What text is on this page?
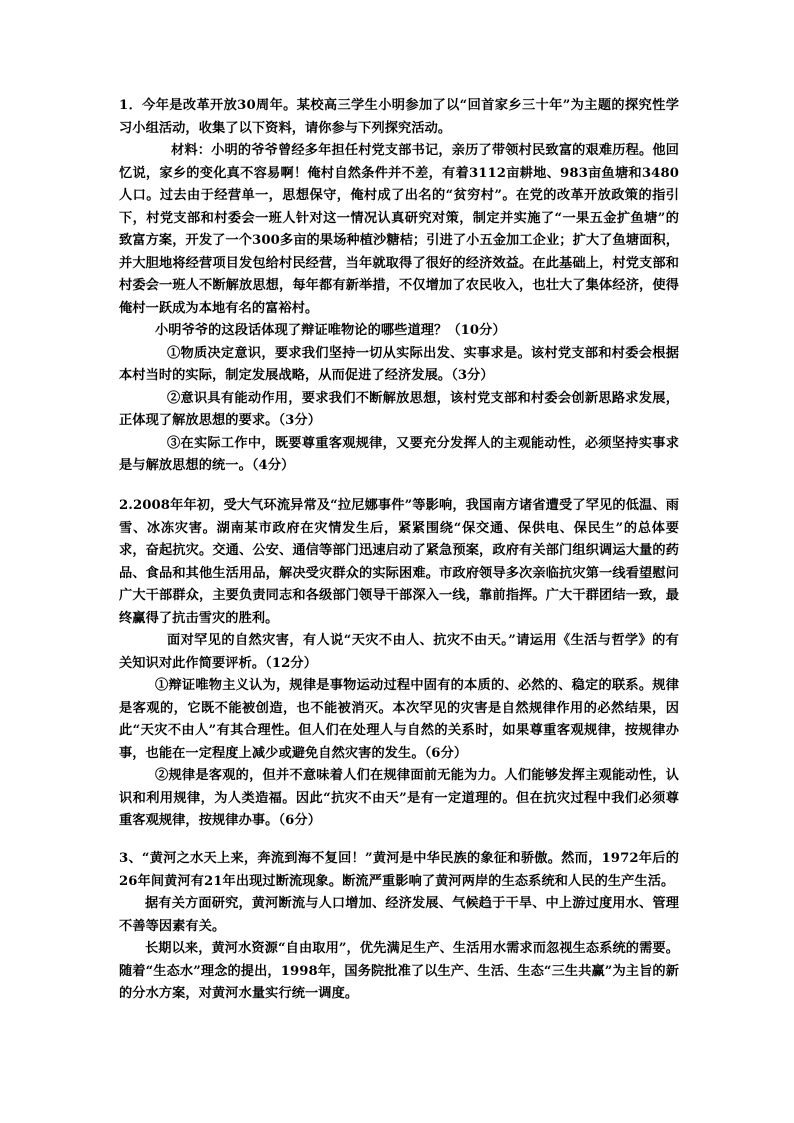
1．今年是改革开放30周年。某校高三学生小明参加了以“回首家乡三十年”为主题的探究性学习小组活动，收集了以下资料，请你参与下列探究活动。

材料：小明的爷爷曾经多年担任村党支部书记，亲历了带领村民致富的艰难历程。他回忆说，家乡的变化真不容易啊！俺村自然条件并不差，有着3112亩耕地、983亩鱼塘和3480人口。过去由于经营单一，思想保守，俺村成了出名的“贫穷村”。在党的改革开放政策的指引下，村党支部和村委会一班人针对这一情况认真研究对策，制定并实施了“一果五金扩鱼塘”的致富方案，开发了一个300多亩的果场种植沙糖桔；引进了小五金加工企业；扩大了鱼塘面积，并大胆地将经营项目发包给村民经营，当年就取得了很好的经济效益。在此基础上，村党支部和村委会一班人不断解放思想，每年都有新举措，不仅增加了农民收入，也壮大了集体经济，使得俺村一跃成为本地有名的富裕村。

小明爷爷的这段话体现了辩证唯物论的哪些道理？（10分）

①物质决定意识，要求我们坚持一切从实际出发、实事求是。该村党支部和村委会根据本村当时的实际，制定发展战略，从而促进了经济发展。（3分）

②意识具有能动作用，要求我们不断解放思想，该村党支部和村委会创新思路求发展，正体现了解放思想的要求。（3分）

③在实际工作中，既要尊重客观规律，又要充分发挥人的主观能动性，必须坚持实事求是与解放思想的统一。（4分）

2.2008年年初，受大气环流异常及“拉尼娜事件”等影响，我国南方诸省遭受了罕见的低温、雨雪、冰冻灾害。湖南某市政府在灾情发生后，紧紧围绕“保交通、保供电、保民生”的总体要求，奋起抗灾。交通、公安、通信等部门迅速启动了紧急预案，政府有关部门组织调运大量的药品、食品和其他生活用品，解决受灾群众的实际困难。市政府领导多次亲临抗灾第一线看望慰问广大干部群众，主要负责同志和各级部门领导干部深入一线，靠前指挥。广大干群团结一致，最终赢得了抗击雪灾的胜利。

面对罕见的自然灾害，有人说“天灾不由人、抗灾不由天。”请运用《生活与哲学》的有关知识对此作简要评析。（12分）

①辩证唯物主义认为，规律是事物运动过程中固有的本质的、必然的、稳定的联系。规律是客观的，它既不能被创造，也不能被消灭。本次罕见的灾害是自然规律作用的必然结果，因此“天灾不由人”有其合理性。但人们在处理人与自然的关系时，如果尊重客观规律，按规律办事，也能在一定程度上减少或避免自然灾害的发生。（6分）

②规律是客观的，但并不意味着人们在规律面前无能为力。人们能够发挥主观能动性，认识和利用规律，为人类造福。因此“抗灾不由天”是有一定道理的。但在抗灾过程中我们必须尊重客观规律，按规律办事。（6分）

3、“黄河之水天上来，奔流到海不复回！”黄河是中华民族的象征和骄傲。然而，1972年后的26年间黄河有21年出现过断流现象。断流严重影响了黄河两岸的生态系统和人民的生产生活。

据有关方面研究，黄河断流与人口增加、经济发展、气候趋于干旱、中上游过度用水、管理不善等因素有关。

长期以来，黄河水资源“自由取用”，优先满足生产、生活用水需求而忽视生态系统的需要。随着“生态水”理念的提出，1998年，国务院批准了以生产、生活、生态“三生共赢”为主旨的新的分水方案，对黄河水量实行统一调度。
